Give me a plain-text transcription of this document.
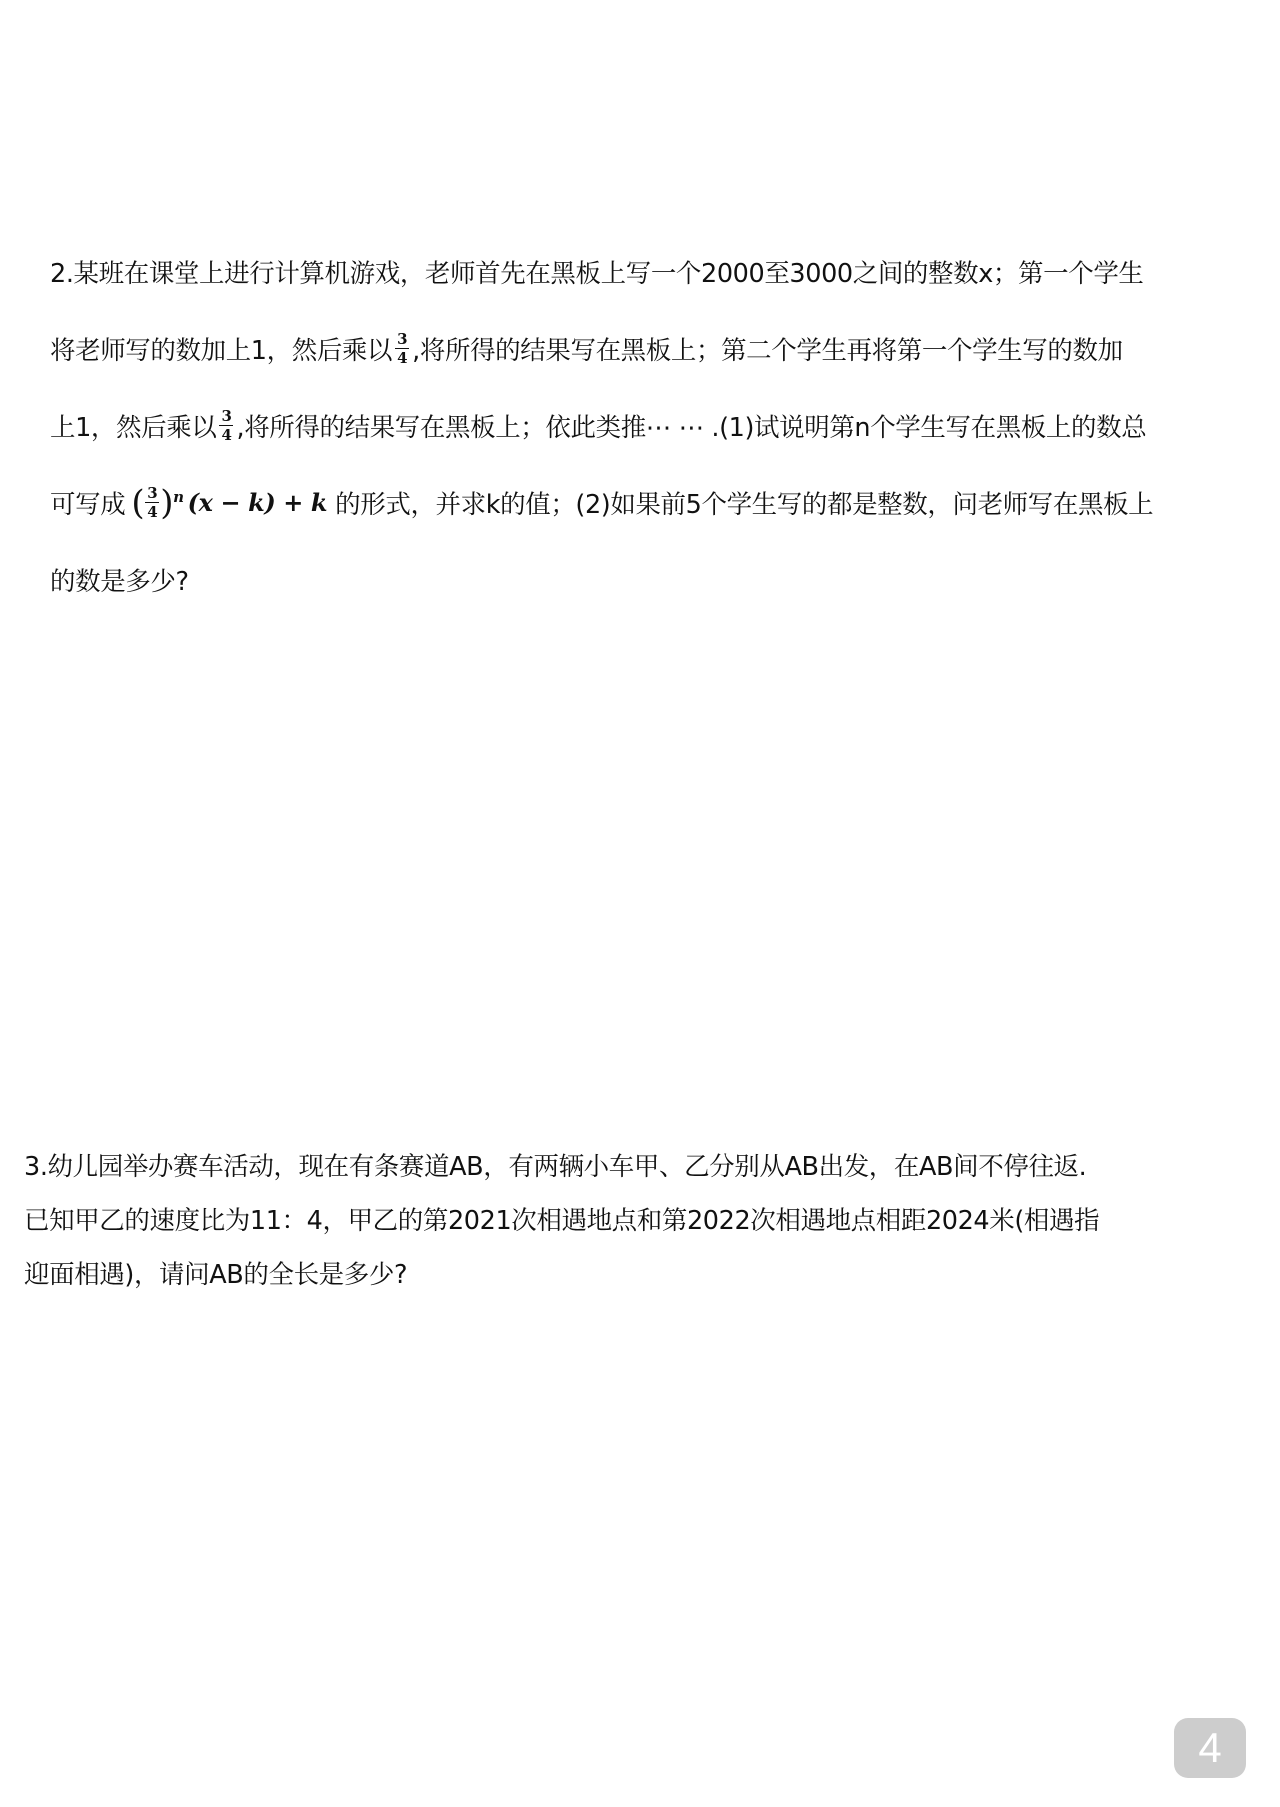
2.某班在课堂上进行计算机游戏，老师首先在黑板上写一个2000至3000之间的整数x；第一个学生
将老师写的数加上1，然后乘以 $\frac{3}{4}$ ,将所得的结果写在黑板上；第二个学生再将第一个学生写的数加
上1，然后乘以 $\frac{3}{4}$ ,将所得的结果写在黑板上；依此类推⋯ ⋯ .(1)试说明第n个学生写在黑板上的数总
可写成 ( $\frac{3}{4} )^n$ (x − k) + k 的形式，并求k的值；(2)如果前5个学生写的都是整数，问老师写在黑板上
的数是多少?
3.幼儿园举办赛车活动，现在有条赛道AB，有两辆小车甲、乙分别从AB出发，在AB间不停往返.
已知甲乙的速度比为11：4，甲乙的第2021次相遇地点和第2022次相遇地点相距2024米(相遇指
迎面相遇)，请问AB的全长是多少?
4
